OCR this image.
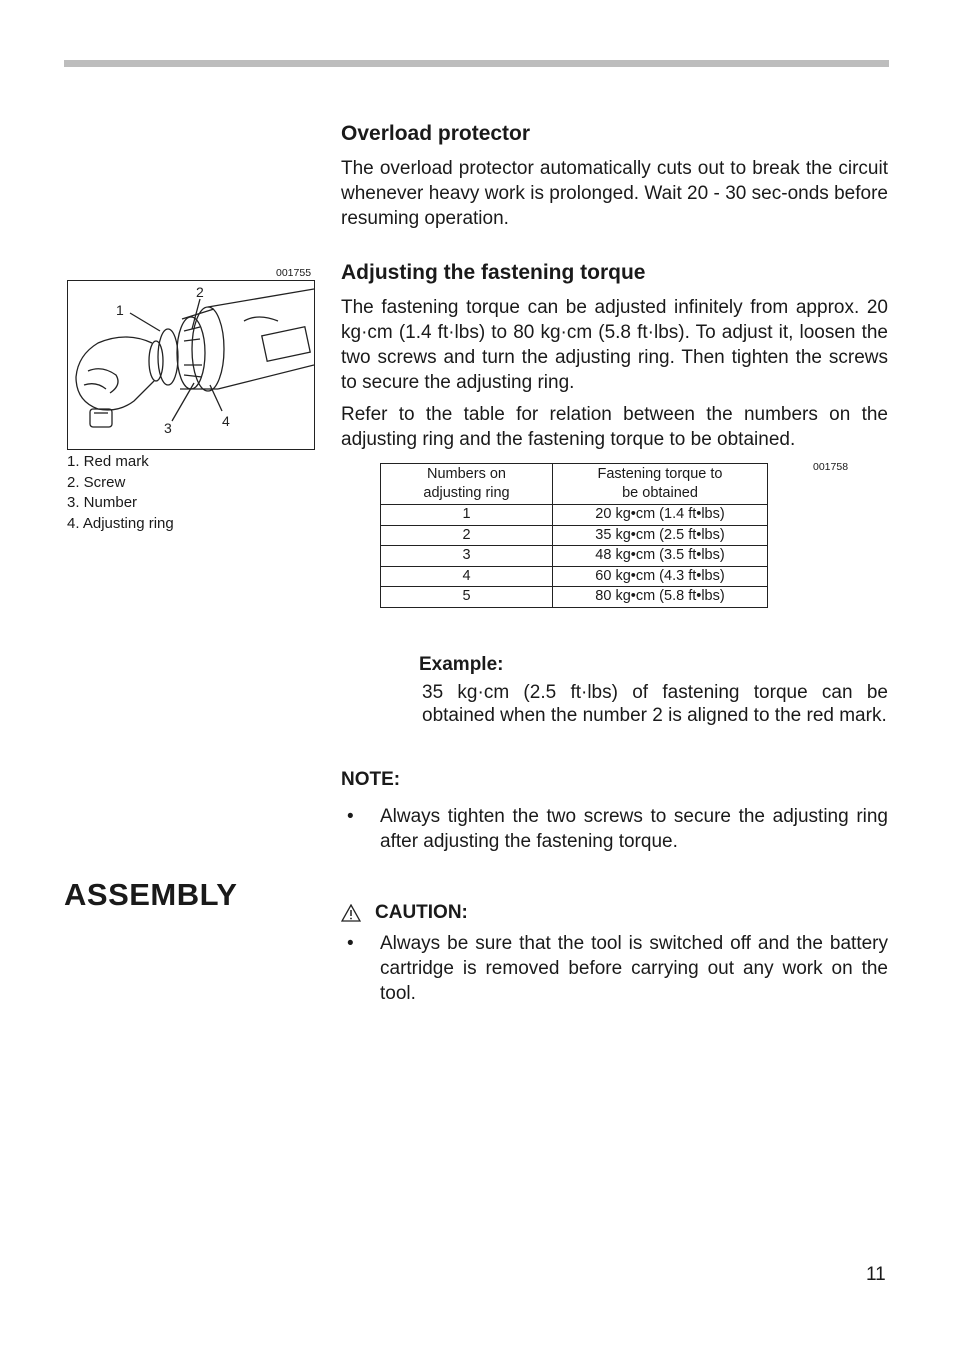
Overload protector

The overload protector automatically cuts out to break the circuit whenever heavy work is prolonged. Wait 20 - 30 sec-onds before resuming operation.

001755 Adjusting the fastening torque

The fastening torque can be adjusted infinitely from approx. 20 kg·cm (1.4 ft·lbs) to 80 kg·cm (5.8 ft·lbs). To adjust it, loosen the two screws and turn the adjusting ring. Then tighten the screws to secure the adjusting ring.

Refer to the table for relation between the numbers on the adjusting ring and the fastening torque to be obtained.

1
2
3	4
1. Red mark
2. Screw
3. Number
4. Adjusting ring
Numbers on
adjusting ring	Fastening torque to
be obtained
1	20 kg•cm (1.4 ft•lbs)
2	35 kg•cm (2.5 ft•lbs)
3	48 kg•cm (3.5 ft•lbs)
4	60 kg•cm (4.3 ft•lbs)
5	80 kg•cm (5.8 ft•lbs)
001758
Example:

35 kg·cm (2.5 ft·lbs) of fastening torque can be obtained when the number 2 is aligned to the red mark.

NOTE:
• Always tighten the two screws to secure the adjusting ring after adjusting the fastening torque.
ASSEMBLY
CAUTION:
• Always be sure that the tool is switched off and the battery cartridge is removed before carrying out any work on the tool.
11
